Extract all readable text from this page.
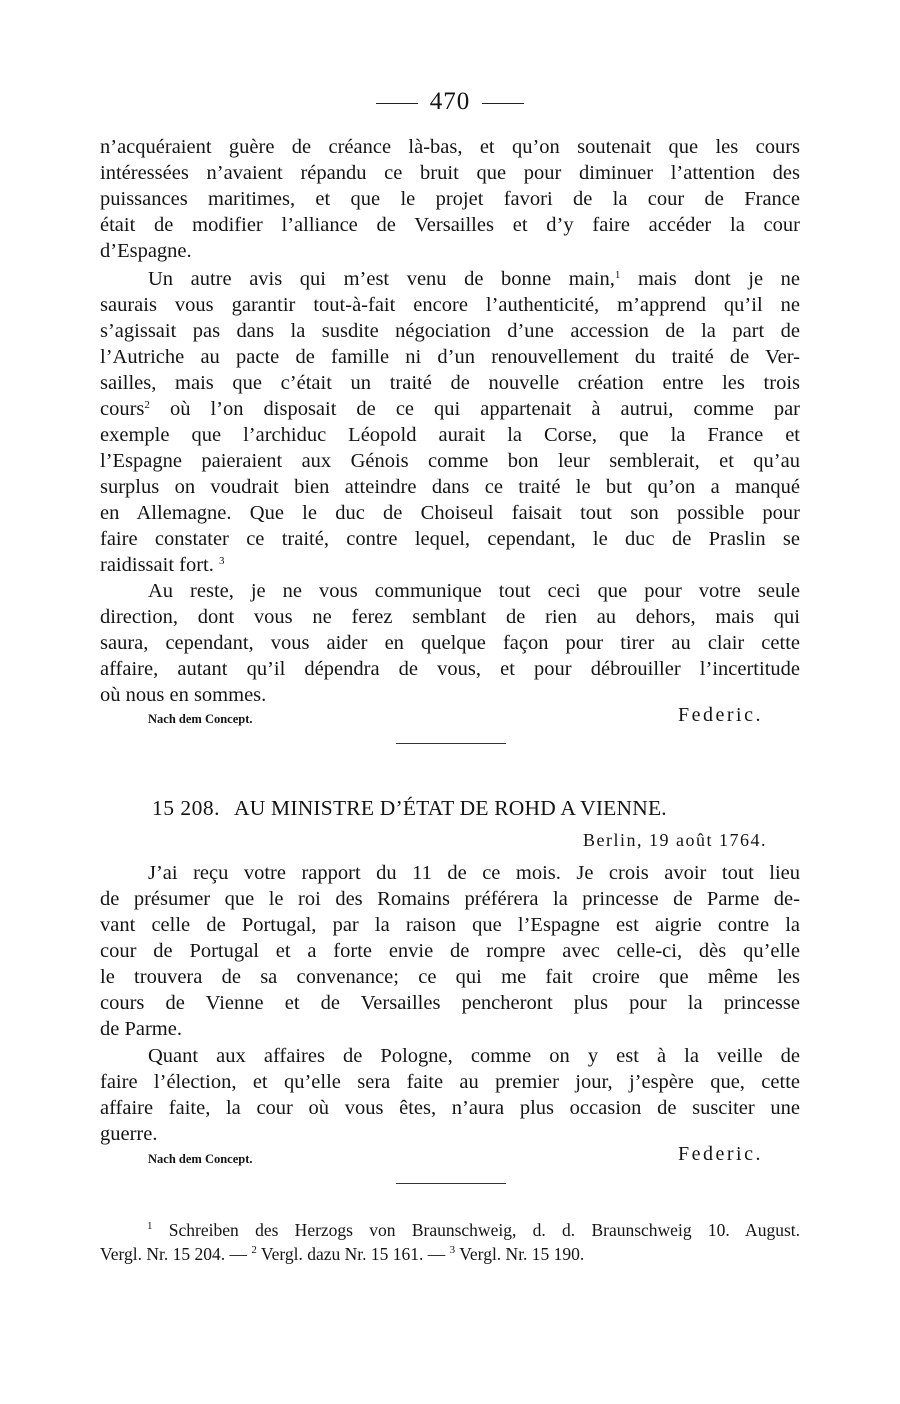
470
n’acquéraient guère de créance là-bas, et qu’on soutenait que les cours
intéressées n’avaient répandu ce bruit que pour diminuer l’attention des
puissances maritimes, et que le projet favori de la cour de France
était de modifier l’alliance de Versailles et d’y faire accéder la cour
d’Espagne.
Un autre avis qui m’est venu de bonne main,$^1$ mais dont je ne
saurais vous garantir tout-à-fait encore l’authenticité, m’apprend qu’il ne
s’agissait pas dans la susdite négociation d’une accession de la part de
l’Autriche au pacte de famille ni d’un renouvellement du traité de Ver-
sailles, mais que c’était un traité de nouvelle création entre les trois
cours$^2$ où l’on disposait de ce qui appartenait à autrui, comme par
exemple que l’archiduc Léopold aurait la Corse, que la France et
l’Espagne paieraient aux Génois comme bon leur semblerait, et qu’au
surplus on voudrait bien atteindre dans ce traité le but qu’on a manqué
en Allemagne. Que le duc de Choiseul faisait tout son possible pour
faire constater ce traité, contre lequel, cependant, le duc de Praslin se
raidissait fort. $^3$
Au reste, je ne vous communique tout ceci que pour votre seule
direction, dont vous ne ferez semblant de rien au dehors, mais qui
saura, cependant, vous aider en quelque façon pour tirer au clair cette
affaire, autant qu’il dépendra de vous, et pour débrouiller l’incertitude
où nous en sommes.
Nach dem Concept.	Federic.
15 208. AU MINISTRE D’ÉTAT DE ROHD A VIENNE.
Berlin, 19 août 1764.
J’ai reçu votre rapport du 11 de ce mois. Je crois avoir tout lieu
de présumer que le roi des Romains préférera la princesse de Parme de-
vant celle de Portugal, par la raison que l’Espagne est aigrie contre la
cour de Portugal et a forte envie de rompre avec celle-ci, dès qu’elle
le trouvera de sa convenance; ce qui me fait croire que même les
cours de Vienne et de Versailles pencheront plus pour la princesse
de Parme.
Quant aux affaires de Pologne, comme on y est à la veille de
faire l’élection, et qu’elle sera faite au premier jour, j’espère que, cette
affaire faite, la cour où vous êtes, n’aura plus occasion de susciter une
guerre.
Nach dem Concept.	Federic.
$^1$ Schreiben des Herzogs von Braunschweig, d. d. Braunschweig 10. August.
Vergl. Nr. 15 204. — $^2$ Vergl. dazu Nr. 15 161. — $^3$ Vergl. Nr. 15 190.
